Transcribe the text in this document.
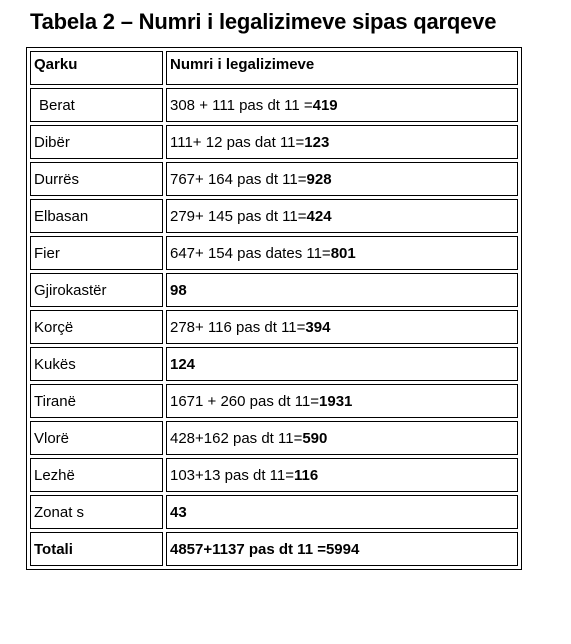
Tabela 2 – Numri i legalizimeve sipas qarqeve
Qarku	Numri i legalizimeve
Berat	308 + 111 pas dt 11 =419
Dibër	111+ 12 pas dat 11=123
Durrës	767+ 164 pas dt 11=928
Elbasan	279+ 145 pas dt 11=424
Fier	647+ 154 pas dates 11=801
Gjirokastër	98
Korçë	278+ 116 pas dt 11=394
Kukës	124
Tiranë	1671 + 260 pas dt 11=1931
Vlorë	428+162 pas dt 11=590
Lezhë	103+13 pas dt 11=116
Zonat s	43
Totali	4857+1137 pas dt 11 =5994
